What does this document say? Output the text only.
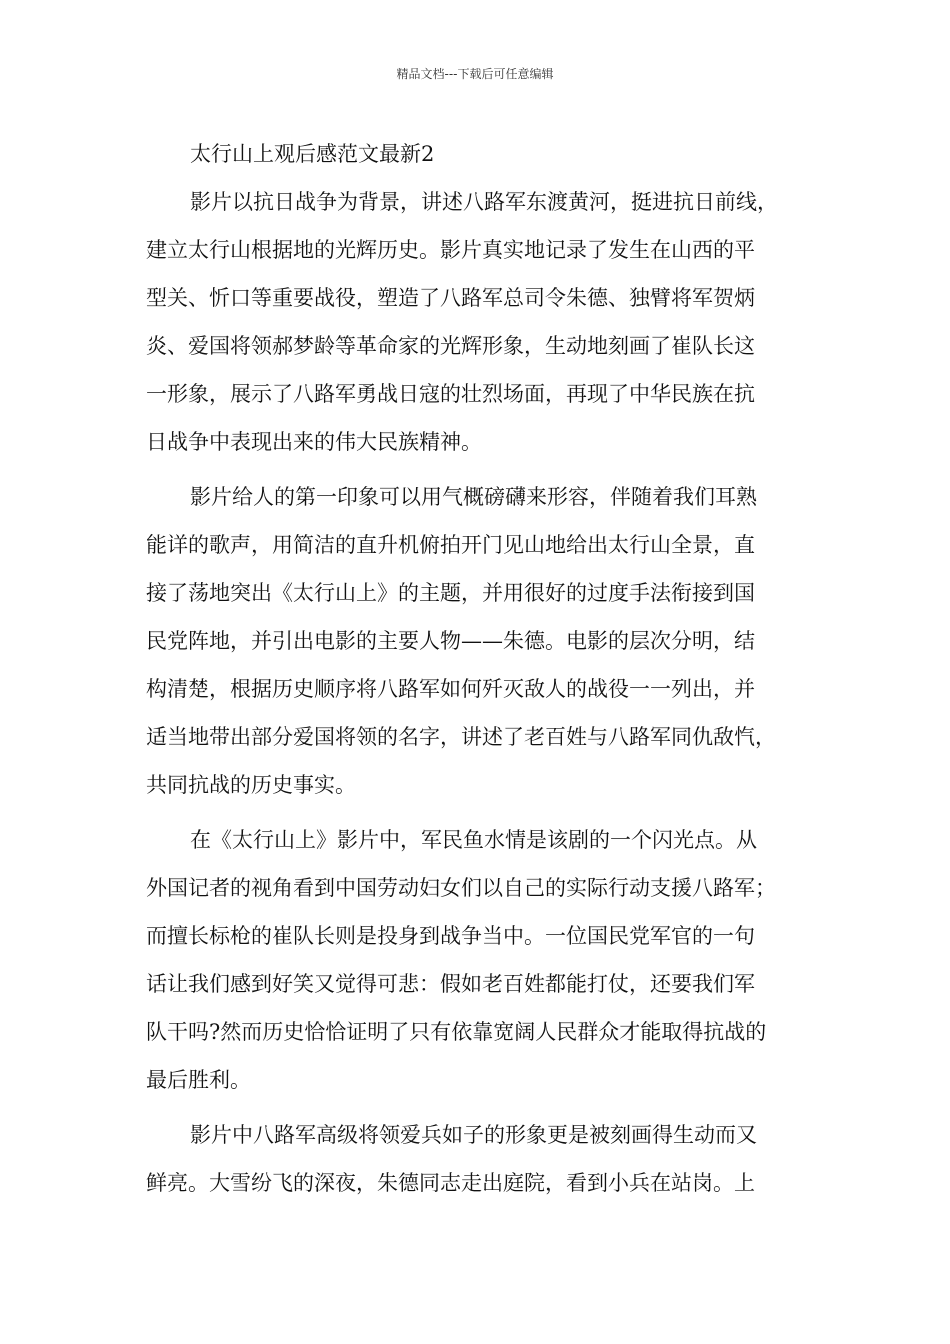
精品文档---下载后可任意编辑
太行山上观后感范文最新2
影片以抗日战争为背景，讲述八路军东渡黄河，挺进抗日前线，
建立太行山根据地的光辉历史。影片真实地记录了发生在山西的平
型关、忻口等重要战役，塑造了八路军总司令朱德、独臂将军贺炳
炎、爱国将领郝梦龄等革命家的光辉形象，生动地刻画了崔队长这
一形象，展示了八路军勇战日寇的壮烈场面，再现了中华民族在抗
日战争中表现出来的伟大民族精神。
影片给人的第一印象可以用气概磅礴来形容，伴随着我们耳熟
能详的歌声，用简洁的直升机俯拍开门见山地给出太行山全景，直
接了荡地突出《太行山上》的主题，并用很好的过度手法衔接到国
民党阵地，并引出电影的主要人物——朱德。电影的层次分明，结
构清楚，根据历史顺序将八路军如何歼灭敌人的战役一一列出，并
适当地带出部分爱国将领的名字，讲述了老百姓与八路军同仇敌忾，
共同抗战的历史事实。
在《太行山上》影片中，军民鱼水情是该剧的一个闪光点。从
外国记者的视角看到中国劳动妇女们以自己的实际行动支援八路军；
而擅长标枪的崔队长则是投身到战争当中。一位国民党军官的一句
话让我们感到好笑又觉得可悲：假如老百姓都能打仗，还要我们军
队干吗?然而历史恰恰证明了只有依靠宽阔人民群众才能取得抗战的
最后胜利。
影片中八路军高级将领爱兵如子的形象更是被刻画得生动而又
鲜亮。大雪纷飞的深夜，朱德同志走出庭院，看到小兵在站岗。上
